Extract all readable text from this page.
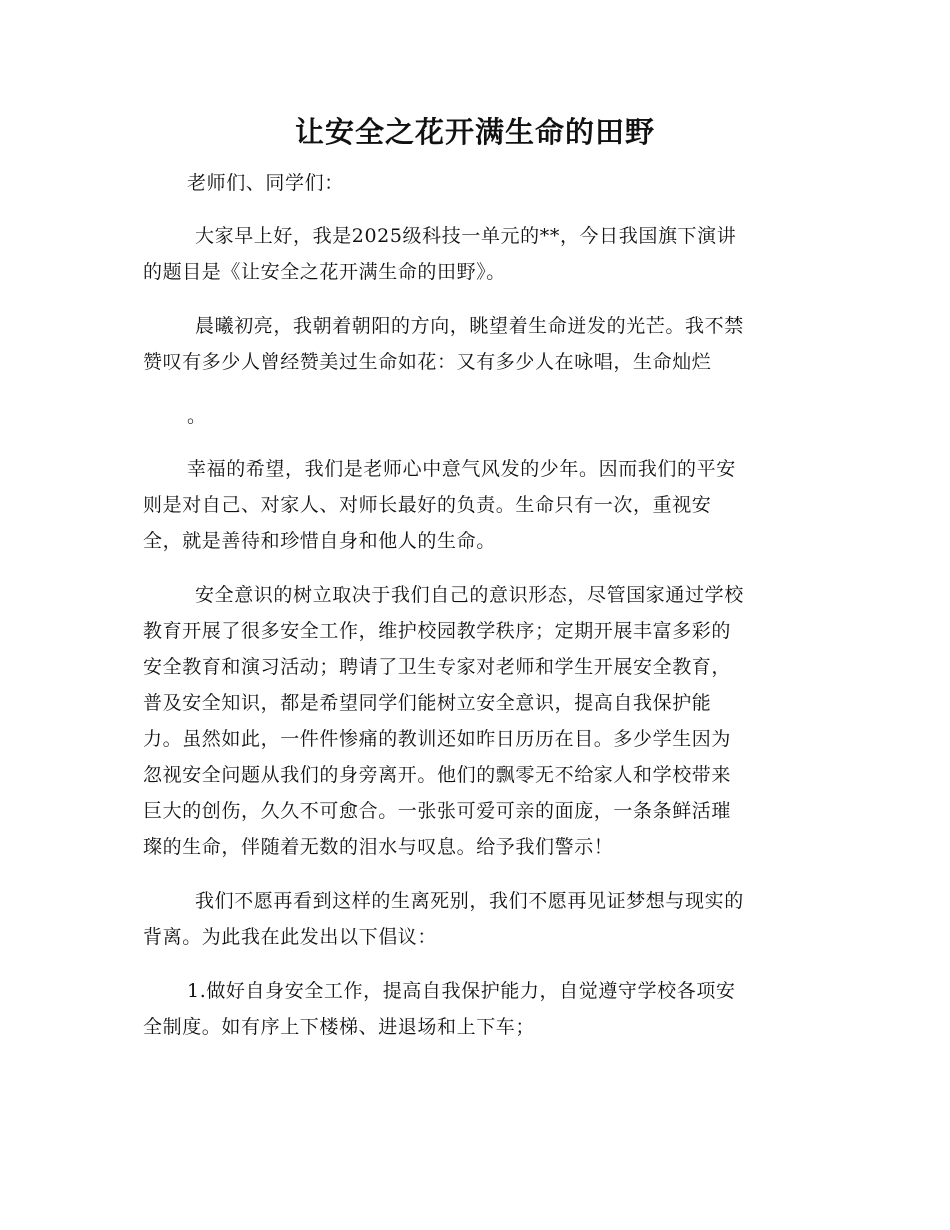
让安全之花开满生命的田野

老师们、同学们：

大家早上好，我是2025级科技一单元的**，今日我国旗下演讲

的题目是《让安全之花开满生命的田野》。

晨曦初亮，我朝着朝阳的方向，眺望着生命迸发的光芒。我不禁

赞叹有多少人曾经赞美过生命如花：又有多少人在咏唱，生命灿烂

。

幸福的希望，我们是老师心中意气风发的少年。因而我们的平安

则是对自己、对家人、对师长最好的负责。生命只有一次，重视安

全，就是善待和珍惜自身和他人的生命。

安全意识的树立取决于我们自己的意识形态，尽管国家通过学校

教育开展了很多安全工作，维护校园教学秩序；定期开展丰富多彩的

安全教育和演习活动；聘请了卫生专家对老师和学生开展安全教育，

普及安全知识，都是希望同学们能树立安全意识，提高自我保护能

力。虽然如此，一件件惨痛的教训还如昨日历历在目。多少学生因为

忽视安全问题从我们的身旁离开。他们的飘零无不给家人和学校带来

巨大的创伤，久久不可愈合。一张张可爱可亲的面庞，一条条鲜活璀

璨的生命，伴随着无数的泪水与叹息。给予我们警示！

我们不愿再看到这样的生离死别，我们不愿再见证梦想与现实的

背离。为此我在此发出以下倡议：

1.做好自身安全工作，提高自我保护能力，自觉遵守学校各项安

全制度。如有序上下楼梯、进退场和上下车；
